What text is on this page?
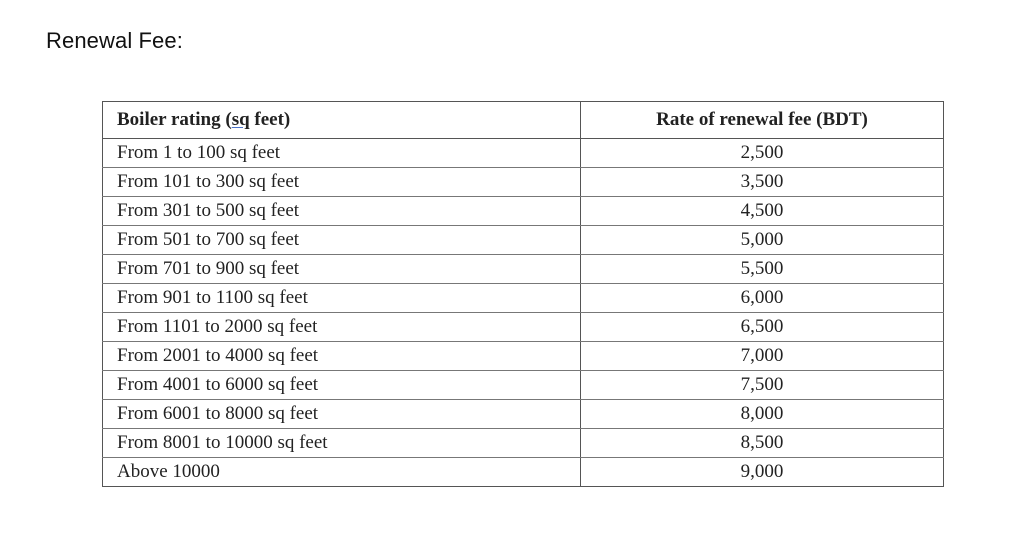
Renewal Fee:
Boiler rating (sq feet)	Rate of renewal fee (BDT)
From 1 to 100 sq feet	2,500
From 101 to 300 sq feet	3,500
From 301 to 500 sq feet	4,500
From 501 to 700 sq feet	5,000
From 701 to 900 sq feet	5,500
From 901 to 1100 sq feet	6,000
From 1101 to 2000 sq feet	6,500
From 2001 to 4000 sq feet	7,000
From 4001 to 6000 sq feet	7,500
From 6001 to 8000 sq feet	8,000
From 8001 to 10000 sq feet	8,500
Above 10000	9,000
